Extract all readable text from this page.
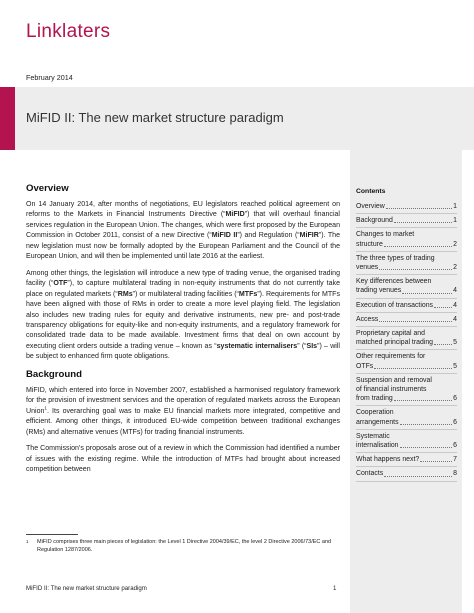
Linklaters
February 2014
MiFID II: The new market structure paradigm
Overview

On 14 January 2014, after months of negotiations, EU legislators reached political agreement on reforms to the Markets in Financial Instruments Directive (“MiFID”) that will overhaul financial services regulation in the European Union. The changes, which were first proposed by the European Commission in October 2011, consist of a new Directive (“MiFID II”) and Regulation (“MiFIR”). The new legislation must now be formally adopted by the European Parliament and the Council of the European Union, and will then be implemented until late 2016 at the earliest.

Among other things, the legislation will introduce a new type of trading venue, the organised trading facility (“OTF”), to capture multilateral trading in non-equity instruments that do not currently take place on regulated markets (“RMs”) or multilateral trading facilities (“MTFs”). Requirements for MTFs have been aligned with those of RMs in order to create a more level playing field. The legislation also includes new trading rules for equity and derivative instruments, new pre- and post-trade transparency obligations for equity-like and non-equity instruments, and a regulatory framework for consolidated trade data to be made available. Investment firms that deal on own account by executing client orders outside a trading venue – known as “systematic internalisers” (“SIs”) – will be subject to enhanced firm quote obligations.

Background

MiFID, which entered into force in November 2007, established a harmonised regulatory framework for the provision of investment services and the operation of regulated markets across the European Union$^1$. Its overarching goal was to make EU financial markets more integrated, competitive and efficient. Among other things, it introduced EU-wide competition between traditional exchanges (RMs) and alternative venues (MTFs) for trading financial instruments.

The Commission’s proposals arose out of a review in which the Commission had identified a number of issues with the existing regime. While the introduction of MTFs had brought about increased competition between

Contents
Overview	1
Background	1
Changes to market
structure	2
The three types of trading
venues	2
Key differences between
trading venues	4
Execution of transactions	4
Access	4
Proprietary capital and
matched principal trading	5
Other requirements for
OTFs	5
Suspension and removal
of financial instruments
from trading	6
Cooperation
arrangements	6
Systematic
internalisation	6
What happens next?	7
Contacts	8
1	MiFID comprises three main pieces of legislation: the Level 1 Directive 2004/39/EC, the level 2 Directive 2006/73/EC and Regulation 1287/2006.
MiFID II: The new market structure paradigm	1
